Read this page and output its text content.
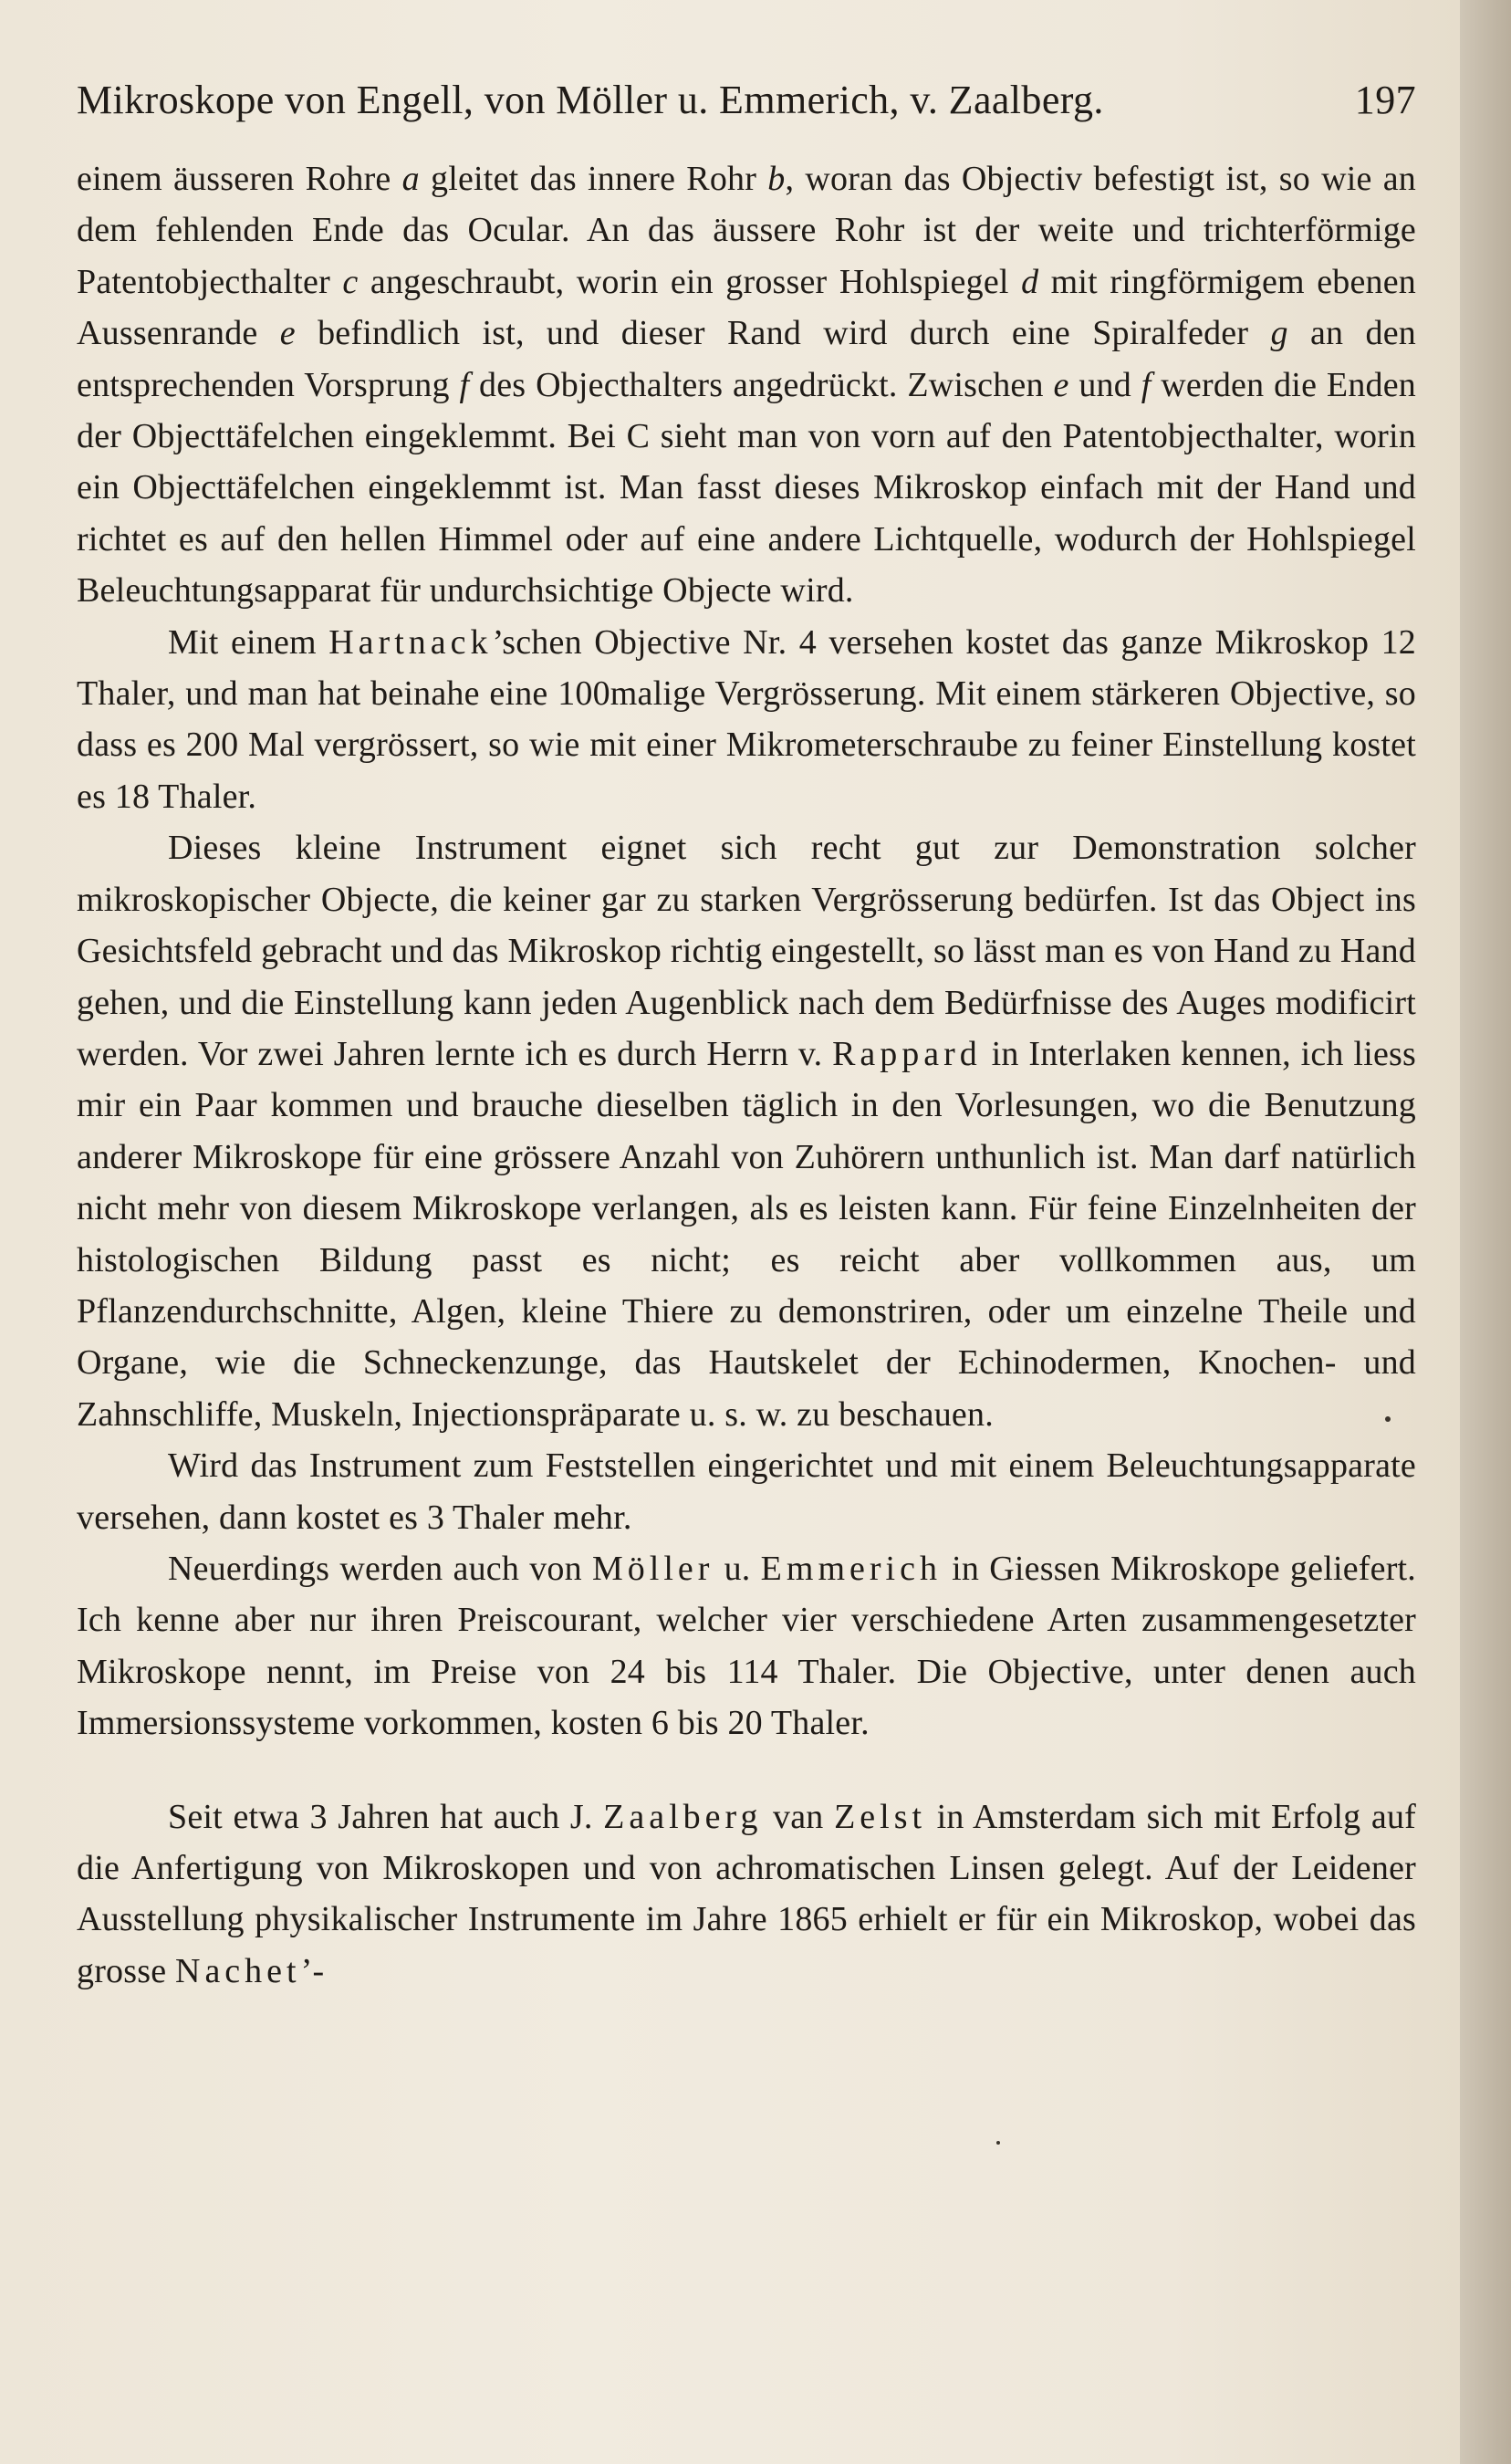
Mikroskope von Engell, von Möller u. Emmerich, v. Zaalberg.	197

einem äusseren Rohre a gleitet das innere Rohr b, woran das Objectiv befestigt ist, so wie an dem fehlenden Ende das Ocular. An das äussere Rohr ist der weite und trichterförmige Patentobjecthalter c angeschraubt, worin ein grosser Hohlspiegel d mit ringförmigem ebenen Aussenrande e befindlich ist, und dieser Rand wird durch eine Spiralfeder g an den entsprechenden Vorsprung f des Objecthalters angedrückt. Zwischen e und f werden die Enden der Objecttäfelchen eingeklemmt. Bei C sieht man von vorn auf den Patentobjecthalter, worin ein Objecttäfelchen eingeklemmt ist. Man fasst dieses Mikroskop einfach mit der Hand und richtet es auf den hellen Himmel oder auf eine andere Lichtquelle, wodurch der Hohlspiegel Beleuchtungsapparat für undurchsichtige Objecte wird.

Mit einem Hartnack’schen Objective Nr. 4 versehen kostet das ganze Mikroskop 12 Thaler, und man hat beinahe eine 100malige Vergrösserung. Mit einem stärkeren Objective, so dass es 200 Mal vergrössert, so wie mit einer Mikrometerschraube zu feiner Einstellung kostet es 18 Thaler.

Dieses kleine Instrument eignet sich recht gut zur Demonstration solcher mikroskopischer Objecte, die keiner gar zu starken Vergrösserung bedürfen. Ist das Object ins Gesichtsfeld gebracht und das Mikroskop richtig eingestellt, so lässt man es von Hand zu Hand gehen, und die Einstellung kann jeden Augenblick nach dem Bedürfnisse des Auges modificirt werden. Vor zwei Jahren lernte ich es durch Herrn v. Rappard in Interlaken kennen, ich liess mir ein Paar kommen und brauche dieselben täglich in den Vorlesungen, wo die Benutzung anderer Mikroskope für eine grössere Anzahl von Zuhörern unthunlich ist. Man darf natürlich nicht mehr von diesem Mikroskope verlangen, als es leisten kann. Für feine Einzelnheiten der histologischen Bildung passt es nicht; es reicht aber vollkommen aus, um Pflanzendurchschnitte, Algen, kleine Thiere zu demonstriren, oder um einzelne Theile und Organe, wie die Schneckenzunge, das Hautskelet der Echinodermen, Knochen- und Zahnschliffe, Muskeln, Injectionspräparate u. s. w. zu beschauen.

Wird das Instrument zum Feststellen eingerichtet und mit einem Beleuchtungsapparate versehen, dann kostet es 3 Thaler mehr.

Neuerdings werden auch von Möller u. Emmerich in Giessen Mikroskope geliefert. Ich kenne aber nur ihren Preiscourant, welcher vier verschiedene Arten zusammengesetzter Mikroskope nennt, im Preise von 24 bis 114 Thaler. Die Objective, unter denen auch Immersionssysteme vorkommen, kosten 6 bis 20 Thaler.

Seit etwa 3 Jahren hat auch J. Zaalberg van Zelst in Amsterdam sich mit Erfolg auf die Anfertigung von Mikroskopen und von achromatischen Linsen gelegt. Auf der Leidener Ausstellung physikalischer Instrumente im Jahre 1865 erhielt er für ein Mikroskop, wobei das grosse Nachet’-
